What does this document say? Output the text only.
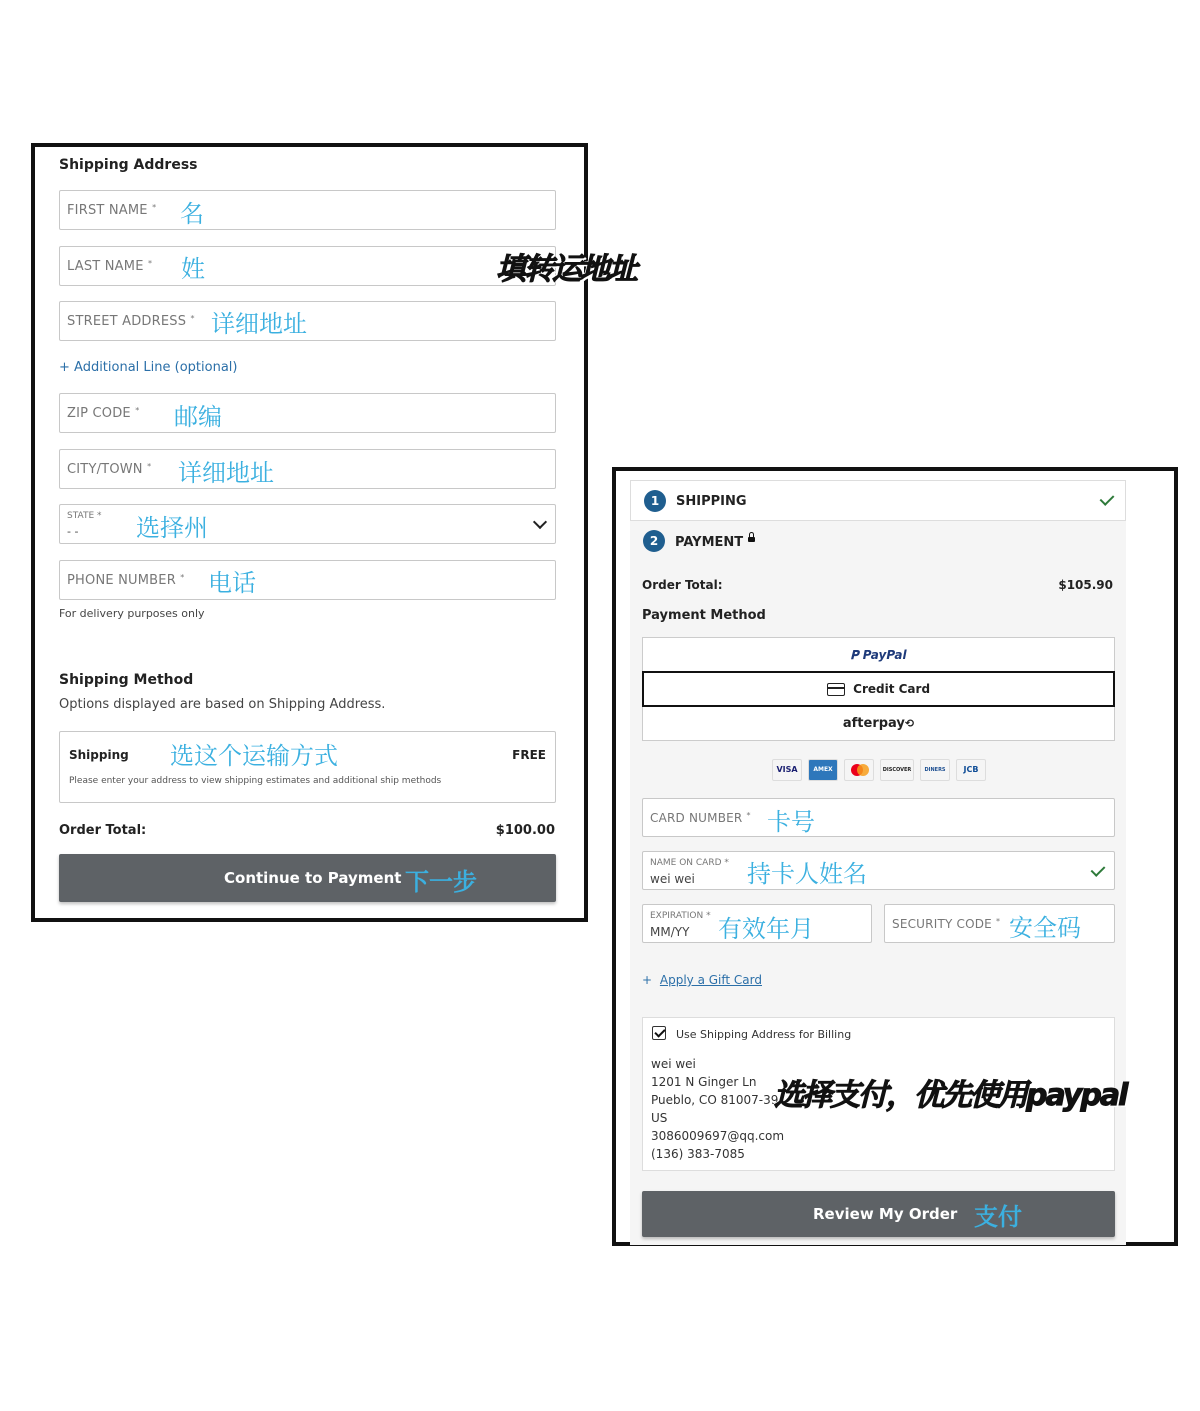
Shipping Address
FIRST NAME * 名
LAST NAME * 姓
STREET ADDRESS * 详细地址
+ Additional Line (optional)
ZIP CODE * 邮编
CITY/TOWN * 详细地址
STATE *
- - 选择州
PHONE NUMBER * 电话
For delivery purposes only
Shipping Method
Options displayed are based on Shipping Address.
Shipping 选这个运输方式	FREE
Please enter your address to view shipping estimates and additional ship methods
Order Total:	$100.00
Continue to Payment 下一步
填转运地址
1	SHIPPING
2	PAYMENT
Order Total:	$105.90
Payment Method
𝐏 PayPal
Credit Card
afterpay⟲
VISA	AMEX	DISCOVER	DINERS	JCB
CARD NUMBER * 卡号
NAME ON CARD *
wei wei 持卡人姓名
EXPIRATION *
MM/YY 有效年月	SECURITY CODE * 安全码
+ Apply a Gift Card
Use Shipping Address for Billing
wei wei
1201 N Ginger Ln
Pueblo, CO 81007-39
US
3086009697@qq.com
(136) 383-7085
Review My Order 支付
选择支付，优先使用paypal
